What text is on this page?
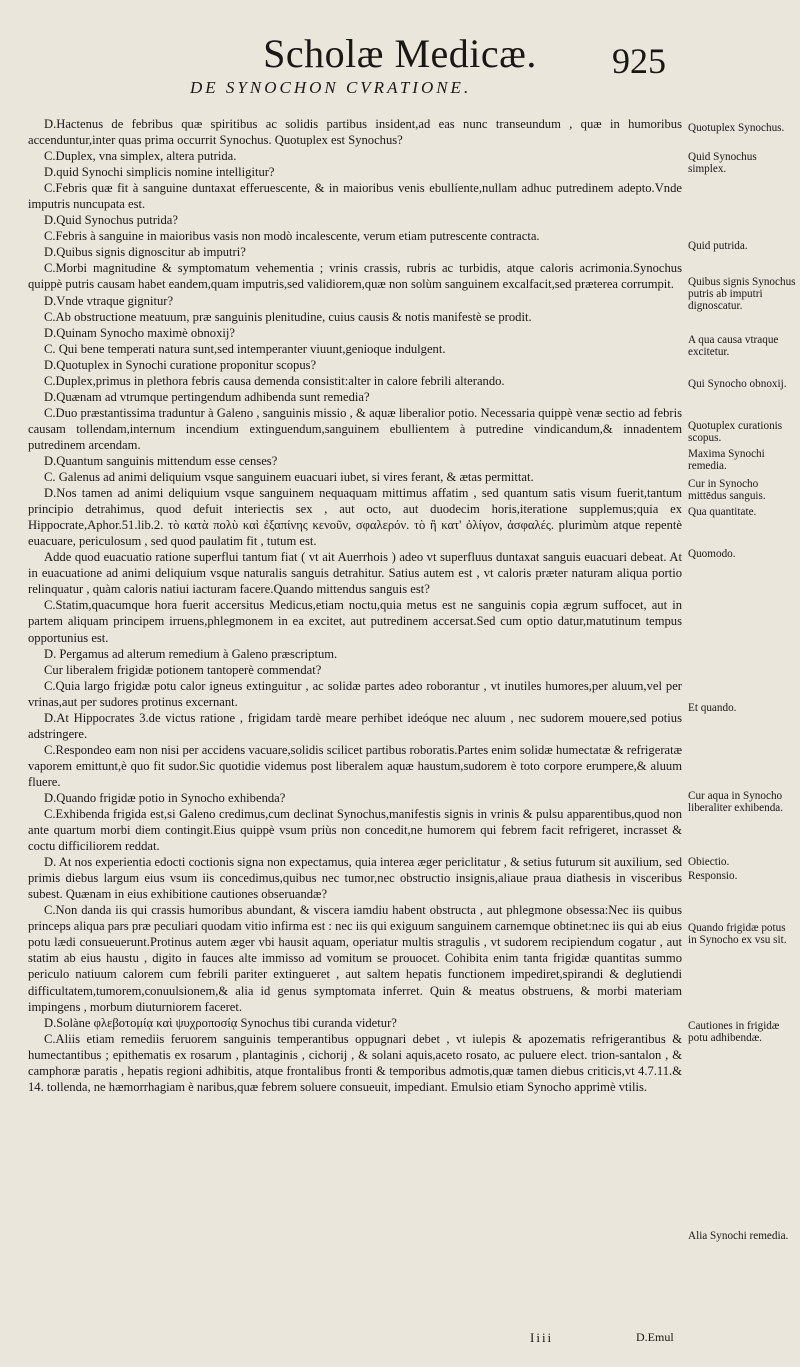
Scholæ Medicæ.	925
DE SYNOCHON CVRATIONE.

D.Hactenus de febribus quæ spiritibus ac solidis partibus insident,ad eas nunc transeundum , quæ in humoribus accenduntur,inter quas prima occurrit Synochus. Quotuplex est Synochus?

C.Duplex, vna simplex, altera putrida.

D.quid Synochi simplicis nomine intelligitur?

C.Febris quæ fit à sanguine duntaxat efferuescente, & in maioribus venis ebullíente,nullam adhuc putredinem adepto.Vnde imputris nuncupata est.

D.Quid Synochus putrida?

C.Febris à sanguine in maioribus vasis non modò incalescente, verum etiam putrescente contracta.

D.Quibus signis dignoscitur ab imputri?

C.Morbi magnitudine & symptomatum vehementia ; vrinis crassis, rubris ac turbidis, atque caloris acrimonia.Synochus quippè putris causam habet eandem,quam imputris,sed validiorem,quæ non solùm sanguinem excalfacit,sed præterea corrumpit.

D.Vnde vtraque gignitur?

C.Ab obstructione meatuum, præ sanguinis plenitudine, cuius causis & notis manifestè se prodit.

D.Quinam Synocho maximè obnoxij?

C. Qui bene temperati natura sunt,sed intemperanter viuunt,genioque indulgent.

D.Quotuplex in Synochi curatione proponitur scopus?

C.Duplex,primus in plethora febris causa demenda consistit:alter in calore febrili alterando.

D.Quænam ad vtrumque pertingendum adhibenda sunt remedia?

C.Duo præstantissima traduntur à Galeno , sanguinis missio , & aquæ liberalior potio. Necessaria quippè venæ sectio ad febris causam tollendam,internum incendium extinguendum,sanguinem ebullientem à putredine vindicandum,& innadentem putredinem arcendam.

D.Quantum sanguinis mittendum esse censes?

C. Galenus ad animi deliquium vsque sanguinem euacuari iubet, si vires ferant, & ætas permittat.

D.Nos tamen ad animi deliquium vsque sanguinem nequaquam mittimus affatim , sed quantum satis visum fuerit,tantum principio detrahimus, quod defuit interiectis sex , aut octo, aut duodecim horis,iteratione supplemus;quia ex Hippocrate,Aphor.51.lib.2. τὸ κατὰ πολὺ καὶ ἐξαπίνης κενοῦν, σφαλερόν. τὸ ἢ κατ' ὀλίγον, ἀσφαλές. plurimùm atque repentè euacuare, periculosum , sed quod paulatim fit , tutum est.

Adde quod euacuatio ratione superflui tantum fiat ( vt ait Auerrhois ) adeo vt superfluus duntaxat sanguis euacuari debeat. At in euacuatione ad animi deliquium vsque naturalis sanguis detrahitur. Satius autem est , vt caloris præter naturam aliqua portio relinquatur , quàm caloris natiui iacturam facere.Quando mittendus sanguis est?

C.Statim,quacumque hora fuerit accersitus Medicus,etiam noctu,quia metus est ne sanguinis copia ægrum suffocet, aut in partem aliquam principem irruens,phlegmonem in ea excitet, aut putredinem accersat.Sed cum optio datur,matutinum tempus opportunius est.

D. Pergamus ad alterum remedium à Galeno præscriptum.

Cur liberalem frigidæ potionem tantoperè commendat?

C.Quia largo frigidæ potu calor igneus extinguitur , ac solidæ partes adeo roborantur , vt inutiles humores,per aluum,vel per vrinas,aut per sudores protinus excernant.

D.At Hippocrates 3.de victus ratione , frigidam tardè meare perhibet ideóque nec aluum , nec sudorem mouere,sed potius adstringere.

C.Respondeo eam non nisi per accidens vacuare,solidis scilicet partibus roboratis.Partes enim solidæ humectatæ & refrigeratæ vaporem emittunt,è quo fit sudor.Sic quotidie videmus post liberalem aquæ haustum,sudorem è toto corpore erumpere,& aluum fluere.

D.Quando frigidæ potio in Synocho exhibenda?

C.Exhibenda frigida est,si Galeno credimus,cum declinat Synochus,manifestis signis in vrinis & pulsu apparentibus,quod non ante quartum morbi diem contingit.Eius quippè vsum priùs non concedit,ne humorem qui febrem facit refrigeret, incrasset & coctu difficiliorem reddat.

D. At nos experientia edocti coctionis signa non expectamus, quia interea æger periclitatur , & setius futurum sit auxilium, sed primis diebus largum eius vsum iis concedimus,quibus nec tumor,nec obstructio insignis,aliaue praua diathesis in visceribus subest. Quænam in eius exhibitione cautiones obseruandæ?

C.Non danda iis qui crassis humoribus abundant, & viscera iamdiu habent obstructa , aut phlegmone obsessa:Nec iis quibus princeps aliqua pars præ peculiari quodam vitio infirma est : nec iis qui exiguum sanguinem carnemque obtinet:nec iis qui ab eius potu lædi consueuerunt.Protinus autem æger vbi hausit aquam, operiatur multis stragulis , vt sudorem recipiendum cogatur , aut statim ab eius haustu , digito in fauces alte immisso ad vomitum se prouocet. Cohibita enim tanta frigidæ quantitas summo periculo natiuum calorem cum febrili pariter extingueret , aut saltem hepatis functionem impediret,spirandi & deglutiendi difficultatem,tumorem,conuulsionem,& alia id genus symptomata inferret. Quin & meatus obstruens, & morbi materiam impingens , morbum diuturniorem faceret.

D.Solàne φλεβοτομίᾳ καὶ ψυχροποσίᾳ Synochus tibi curanda videtur?

C.Aliis etiam remediis feruorem sanguinis temperantibus oppugnari debet , vt iulepis & apozematis refrigerantibus & humectantibus ; epithematis ex rosarum , plantaginis , cichorij , & solani aquis,aceto rosato, ac puluere elect. trion-santalon , & camphoræ paratis , hepatis regioni adhibitis, atque frontalibus fronti & temporibus admotis,quæ tamen diebus criticis,vt 4.7.11.& 14. tollenda, ne hæmorrhagiam è naribus,quæ febrem soluere consueuit, impediant. Emulsio etiam Synocho apprimè vtilis.

Quotuplex Synochus.
Quid Synochus simplex.
Quid putrida.
Quibus signis Synochus putris ab imputri dignoscatur.
A qua causa vtraque excitetur.
Qui Synocho obnoxij.
Quotuplex curationis scopus.
Maxima Synochi remedia.
Cur in Synocho mittēdus sanguis.
Qua quantitate.
Quomodo.
Et quando.
Cur aqua in Synocho liberaliter exhibenda.
Obiectio.
Responsio.
Quando frigidæ potus in Synocho ex vsu sit.
Cautiones in frigidæ potu adhibendæ.
Alia Synochi remedia.
Iiii	D.Emul
